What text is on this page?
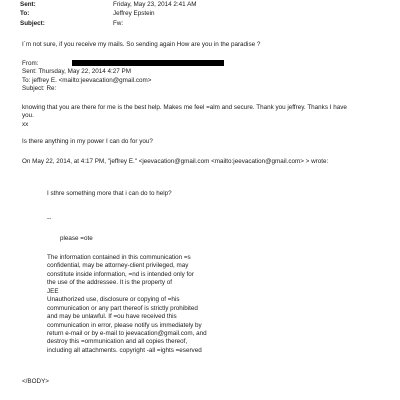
Sent:	Friday, May 23, 2014 2:41 AM
To:	Jeffrey Epstein
Subject:	Fw:
I`m not sure, if you receive my mails. So sending again How are you in the paradise ?
From:
Sent: Thursday, May 22, 2014 4:27 PM
To: jeffrey E. <mailto:jeevacation@gmail.com>
Subject: Re:
knowing that you are there for me is the best help. Makes me feel =alm and secure. Thank you jeffrey. Thanks I have
you.
xx
Is there anything in my power I can do for you?
On May 22, 2014, at 4:17 PM, "jeffrey E." <jeevacation@gmail.com <mailto:jeevacation@gmail.com> > wrote:
I sthre something more that i can do to help?
--
please =ote
The information contained in this communication =s
confidential, may be attorney-client privileged, may
constitute inside information, =nd is intended only for
the use of the addressee. It is the property of
JEE
Unauthorized use, disclosure or copying of =his
communication or any part thereof is strictly prohibited
and may be unlawful. If =ou have received this
communication in error, please notify us immediately by
return e-mail or by e-mail to jeevacation@gmail.com, and
destroy this =ommunication and all copies thereof,
including all attachments. copyright -all =ights =eserved
</BODY>
